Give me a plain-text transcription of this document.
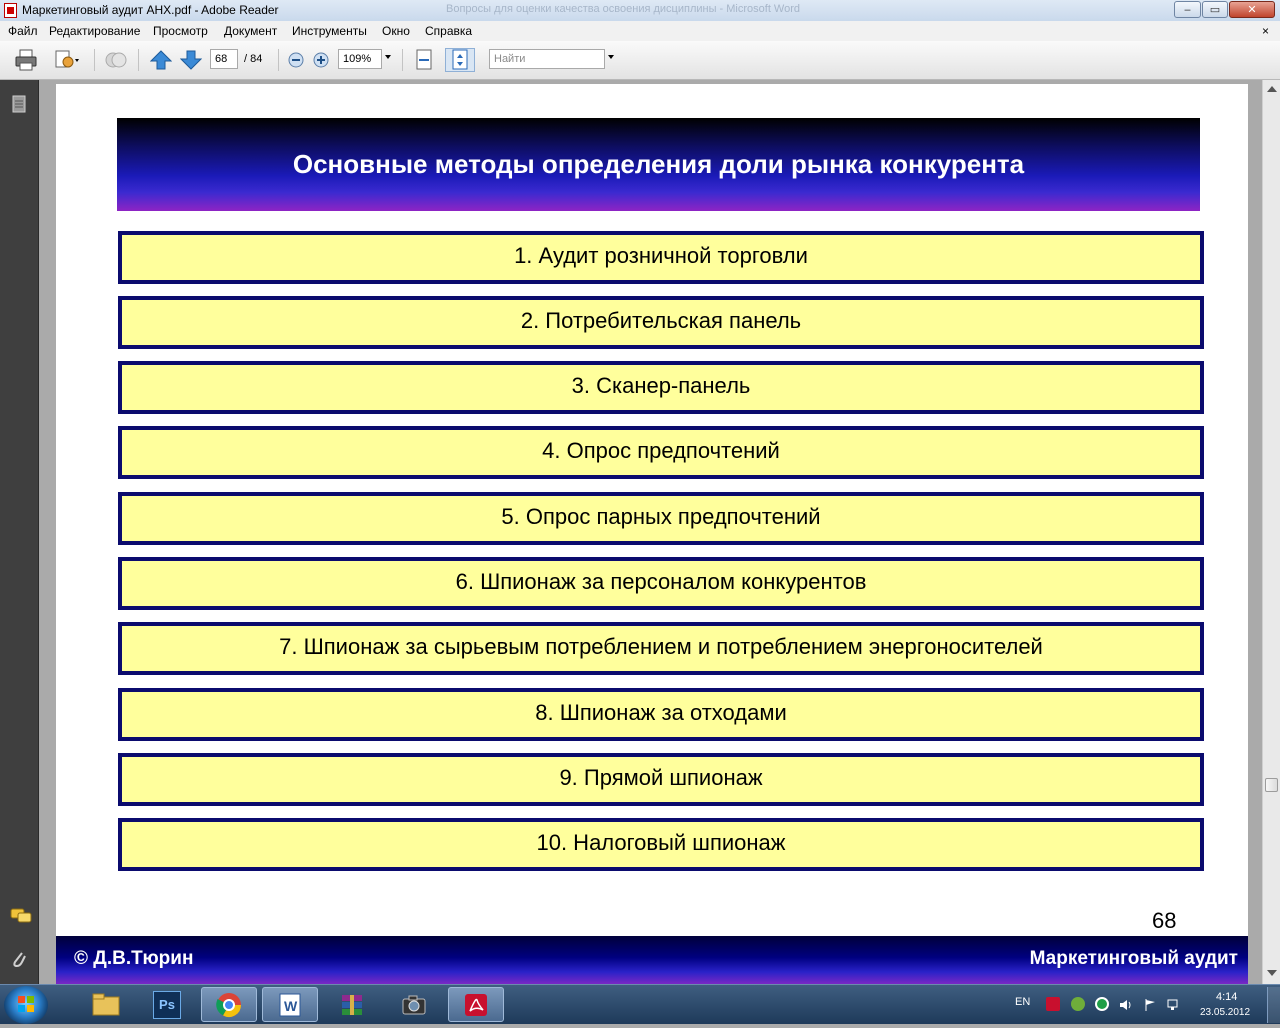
Маркетинговый аудит АНХ.pdf - Adobe Reader	Вопросы для оценки качества освоения дисциплины - Microsoft Word	‒	▭	✕
Файл Редактирование Просмотр Документ Инструменты Окно Справка	×
68	/ 84	109%	Найти
Основные методы определения доли рынка конкурента
1. Аудит розничной торговли
2. Потребительская панель
3. Сканер-панель
4. Опрос предпочтений
5. Опрос парных предпочтений
6. Шпионаж за персоналом конкурентов
7. Шпионаж за сырьевым потреблением и потреблением энергоносителей
8. Шпионаж за отходами
9. Прямой шпионаж
10. Налоговый шпионаж
68
© Д.В.Тюрин	Маркетинговый аудит
Ps	W	EN	4:14
23.05.2012
